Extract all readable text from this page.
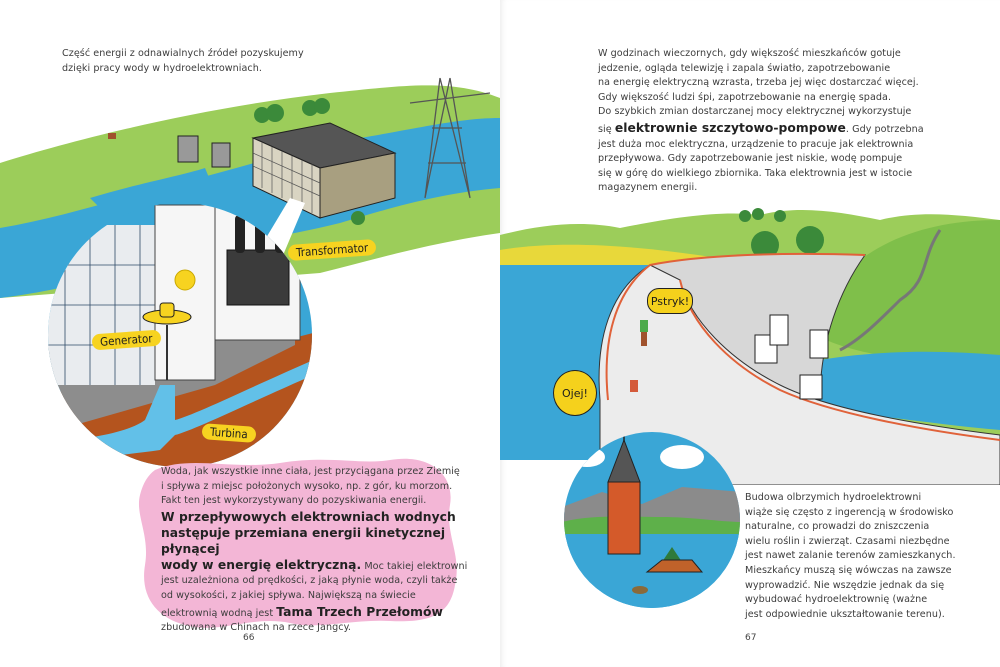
Część energii z odnawialnych źródeł pozyskujemy
dzięki pracy wody w hydroelektrowniach.
Transformator
Generator
Turbina
Woda, jak wszystkie inne ciała, jest przyciągana przez Ziemię
i spływa z miejsc położonych wysoko, np. z gór, ku morzom.
Fakt ten jest wykorzystywany do pozyskiwania energii.
W przepływowych elektrowniach wodnych
następuje przemiana energii kinetycznej płynącej
wody w energię elektryczną. Moc takiej elektrowni
jest uzależniona od prędkości, z jaką płynie woda, czyli także
od wysokości, z jakiej spływa. Największą na świecie
elektrownią wodną jest Tama Trzech Przełomów
zbudowana w Chinach na rzece Jangcy.
66
W godzinach wieczornych, gdy większość mieszkańców gotuje
jedzenie, ogląda telewizję i zapala światło, zapotrzebowanie
na energię elektryczną wzrasta, trzeba jej więc dostarczać więcej.
Gdy większość ludzi śpi, zapotrzebowanie na energię spada.
Do szybkich zmian dostarczanej mocy elektrycznej wykorzystuje
się elektrownie szczytowo-pompowe. Gdy potrzebna
jest duża moc elektryczna, urządzenie to pracuje jak elektrownia
przepływowa. Gdy zapotrzebowanie jest niskie, wodę pompuje
się w górę do wielkiego zbiornika. Taka elektrownia jest w istocie
magazynem energii.
Pstryk!
Ojej!
Budowa olbrzymich hydroelektrowni
wiąże się często z ingerencją w środowisko
naturalne, co prowadzi do zniszczenia
wielu roślin i zwierząt. Czasami niezbędne
jest nawet zalanie terenów zamieszkanych.
Mieszkańcy muszą się wówczas na zawsze
wyprowadzić. Nie wszędzie jednak da się
wybudować hydroelektrownię (ważne
jest odpowiednie ukształtowanie terenu).
67
